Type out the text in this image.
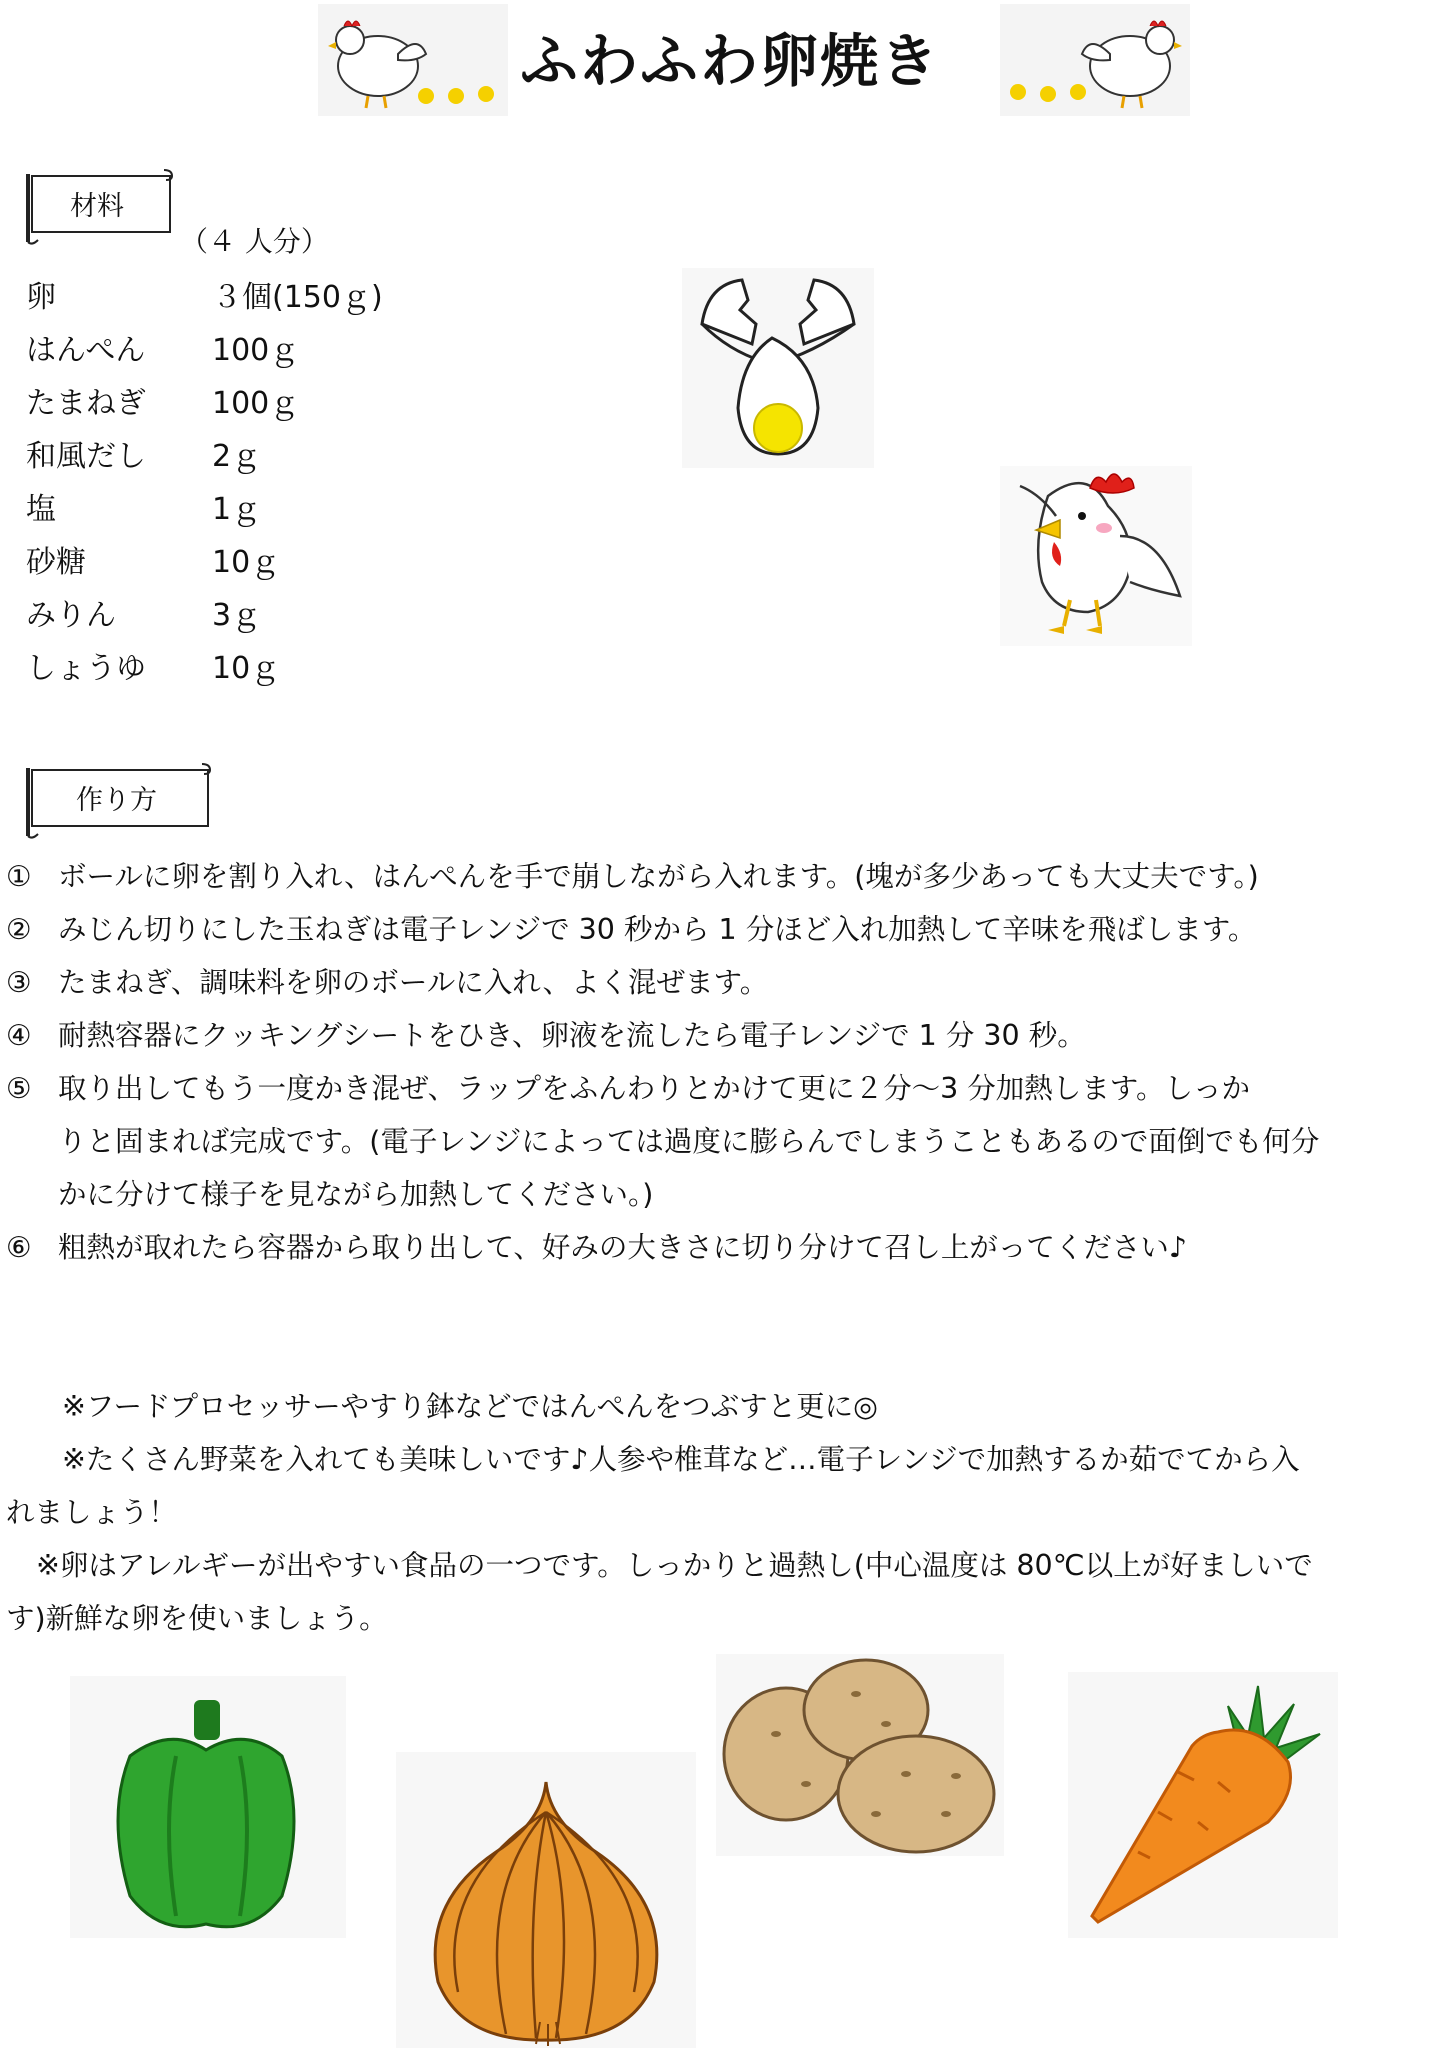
ふわふわ卵焼き
材料
（４ 人分）
卵	３個(150ｇ)
はんぺん 100ｇ
たまねぎ 100ｇ
和風だし 2ｇ
塩	1ｇ
砂糖	10ｇ
みりん	3ｇ
しょうゆ 10ｇ
作り方
① ボールに卵を割り入れ、はんぺんを手で崩しながら入れます。(塊が多少あっても大丈夫です。)
② みじん切りにした玉ねぎは電子レンジで 30 秒から 1 分ほど入れ加熱して辛味を飛ばします。
③ たまねぎ、調味料を卵のボールに入れ、よく混ぜます。
④ 耐熱容器にクッキングシートをひき、卵液を流したら電子レンジで 1 分 30 秒。
⑤ 取り出してもう一度かき混ぜ、ラップをふんわりとかけて更に２分～3 分加熱します。しっか
りと固まれば完成です。(電子レンジによっては過度に膨らんでしまうこともあるので面倒でも何分
かに分けて様子を見ながら加熱してください。)
⑥ 粗熱が取れたら容器から取り出して、好みの大きさに切り分けて召し上がってください♪
※フードプロセッサーやすり鉢などではんぺんをつぶすと更に◎
※たくさん野菜を入れても美味しいです♪人参や椎茸など…電子レンジで加熱するか茹でてから入
れましょう！
※卵はアレルギーが出やすい食品の一つです。しっかりと過熱し(中心温度は 80℃以上が好ましいで
す)新鮮な卵を使いましょう。
